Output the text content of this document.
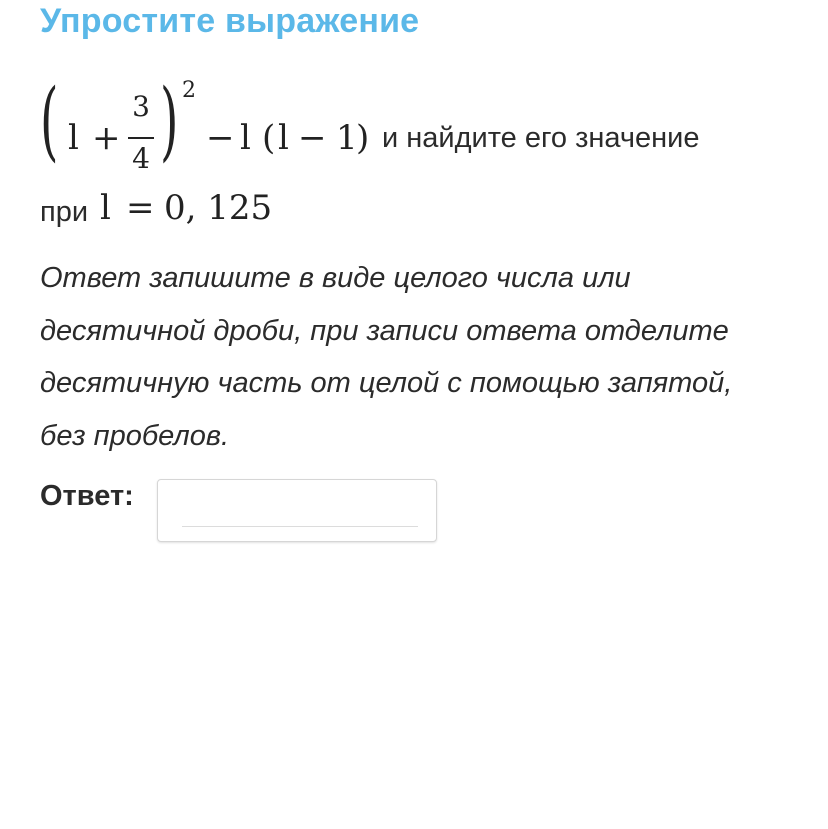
Упростите выражение
( l +
3
4 ) 2
− l ( l − 1
) и найдите его значение
при l = 0, 125

Ответ запишите в виде целого числа или десятичной дроби, при записи ответа отделите десятичную часть от целой с помощью запятой, без пробелов.

Ответ:
